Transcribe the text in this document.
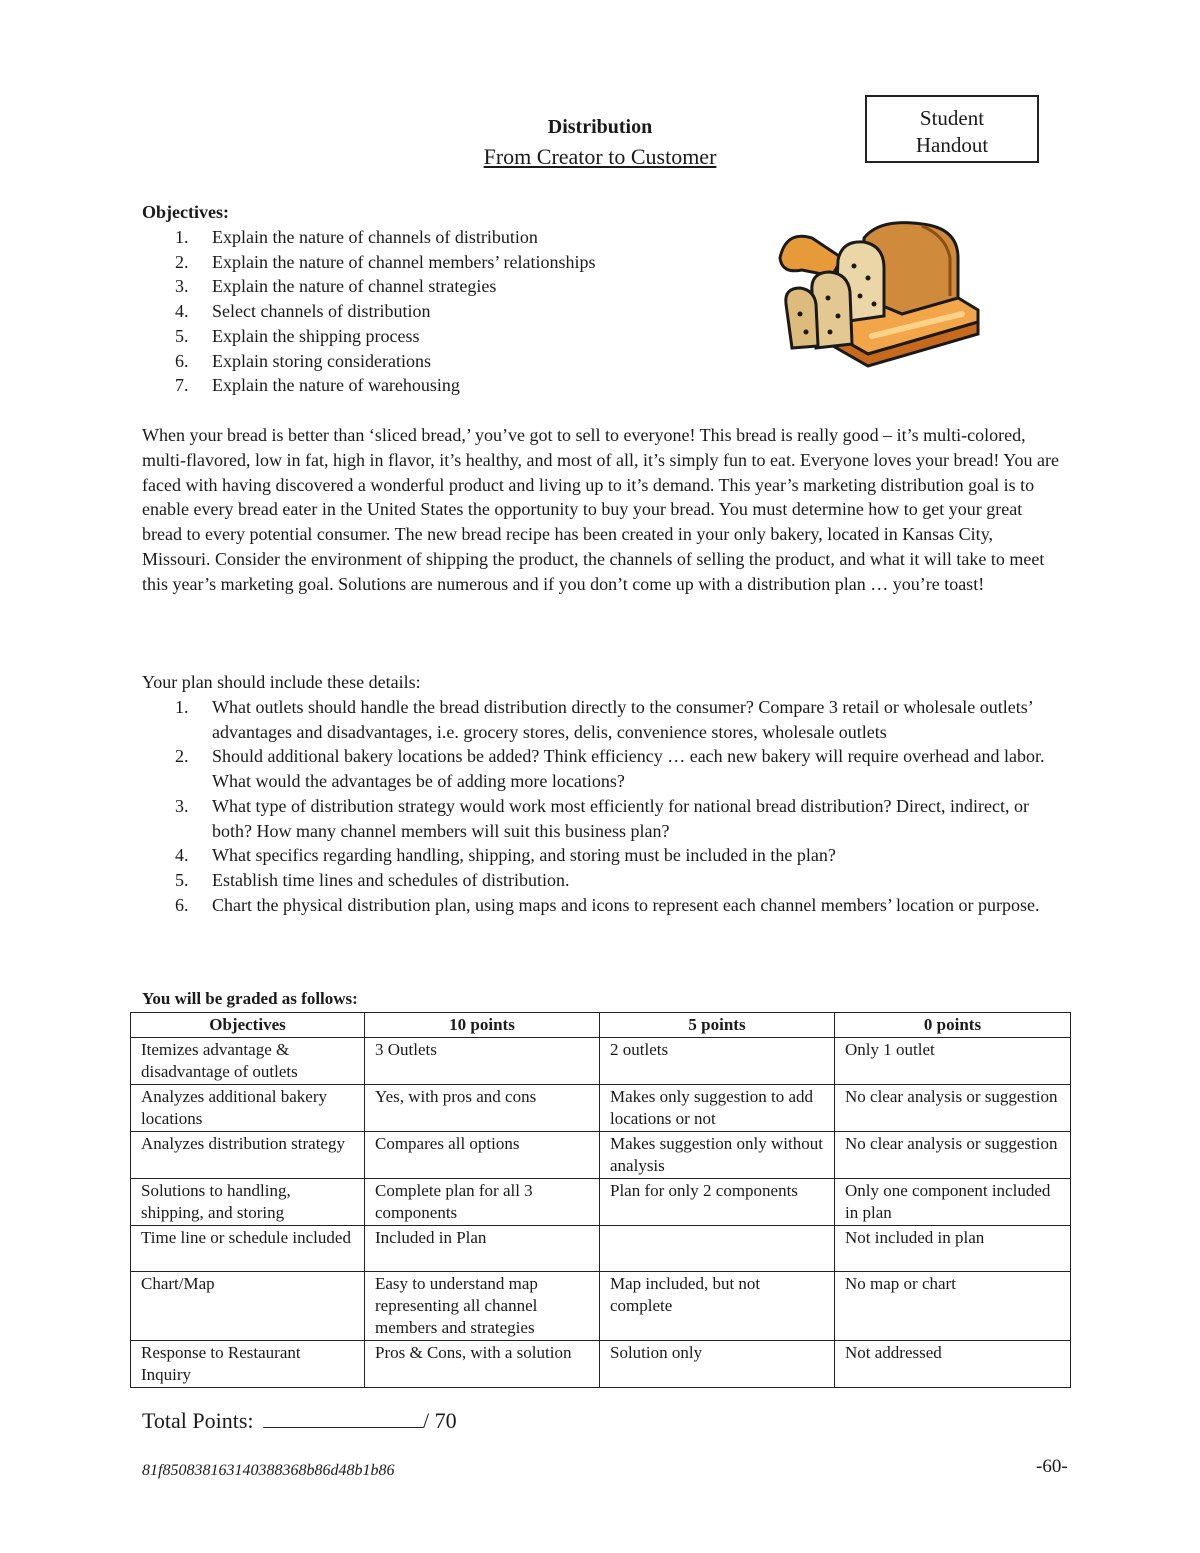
Student
Handout
Distribution
From Creator to Customer
Objectives:
1. Explain the nature of channels of distribution
2. Explain the nature of channel members’ relationships
3. Explain the nature of channel strategies
4. Select channels of distribution
5. Explain the shipping process
6. Explain storing considerations
7. Explain the nature of warehousing

When your bread is better than ‘sliced bread,’ you’ve got to sell to everyone! This bread is really good – it’s multi-colored, multi-flavored, low in fat, high in flavor, it’s healthy, and most of all, it’s simply fun to eat. Everyone loves your bread! You are faced with having discovered a wonderful product and living up to it’s demand. This year’s marketing distribution goal is to enable every bread eater in the United States the opportunity to buy your bread. You must determine how to get your great bread to every potential consumer. The new bread recipe has been created in your only bakery, located in Kansas City, Missouri. Consider the environment of shipping the product, the channels of selling the product, and what it will take to meet this year’s marketing goal. Solutions are numerous and if you don’t come up with a distribution plan … you’re toast!

Your plan should include these details:
1. What outlets should handle the bread distribution directly to the consumer? Compare 3 retail or wholesale outlets’ advantages and disadvantages, i.e. grocery stores, delis, convenience stores, wholesale outlets
2. Should additional bakery locations be added? Think efficiency … each new bakery will require overhead and labor. What would the advantages be of adding more locations?
3. What type of distribution strategy would work most efficiently for national bread distribution? Direct, indirect, or both? How many channel members will suit this business plan?
4. What specifics regarding handling, shipping, and storing must be included in the plan?
5. Establish time lines and schedules of distribution.
6. Chart the physical distribution plan, using maps and icons to represent each channel members’ location or purpose.
You will be graded as follows:
Objectives	10 points	5 points	0 points
Itemizes advantage & disadvantage of outlets	3 Outlets	2 outlets	Only 1 outlet
Analyzes additional bakery locations	Yes, with pros and cons	Makes only suggestion to add locations or not	No clear analysis or suggestion
Analyzes distribution strategy	Compares all options	Makes suggestion only without analysis	No clear analysis or suggestion
Solutions to handling, shipping, and storing	Complete plan for all 3 components	Plan for only 2 components	Only one component included in plan
Time line or schedule included	Included in Plan		Not included in plan
Chart/Map	Easy to understand map representing all channel members and strategies	Map included, but not complete	No map or chart
Response to Restaurant Inquiry	Pros & Cons, with a solution	Solution only	Not addressed
Total Points:	/ 70
81f850838163140388368b86d48b1b86	-60-
